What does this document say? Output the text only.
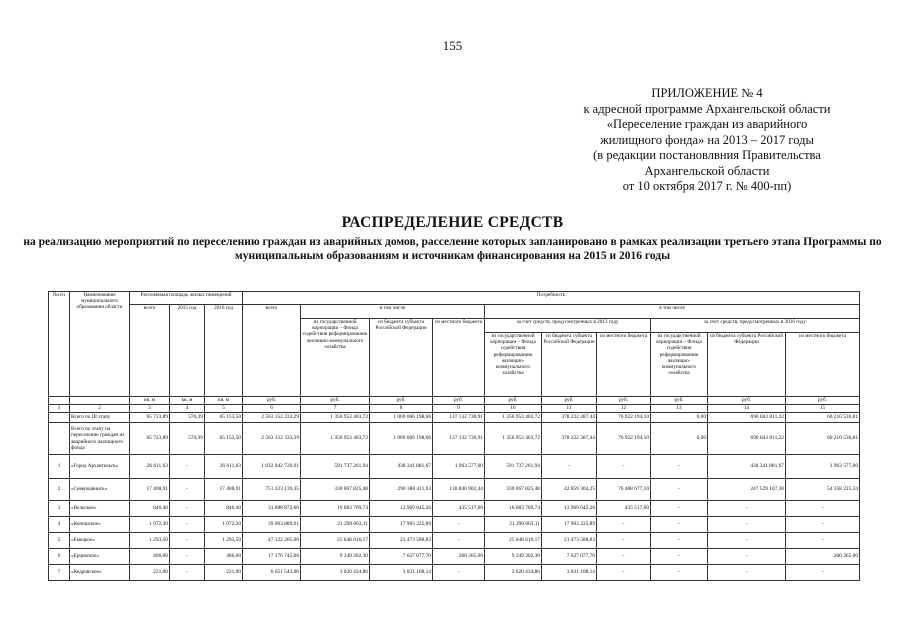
155
ПРИЛОЖЕНИЕ № 4
к адресной программе Архангельской области
«Переселение граждан из аварийного
жилищного фонда» на 2013 – 2017 годы
(в редакции постановлвния Правительства
Архангельской области
от 10 октября 2017 г. № 400-пп)
РАСПРЕДЕЛЕНИЕ СРЕДСТВ
на реализацию мероприятий по переселению граждан из аварийных домов, расселение которых запланировано в рамках реализации третьего этапа Программы по муниципальным образованиям и источникам финансирования на 2015 и 2016 годы
№п/п	Наименование муниципального образования области	Расселяемая площадь жилых помещений			Потребность									
		всего	2015 год	2016 год	всего	в том числе			в том числе					
						из государственной корпорации – Фонда содействия реформированию жилищно-коммунального хозяйства	из бюджета субъекта Российской Федерации	из местного бюджета	за счет средств, предусмотренных в 2013 году			за счет средств, предусмотренных в 2016 году		
									из государственной корпорации – Фонда содействия реформированию жилищно-коммунального хозяйства	из бюджета субъекта Российской Федерации	из местного бюджета	из государственной корпорации – Фонда содействия реформированию жилищно-коммунального хозяйства	из бюджета субъекта Российской Федерации	из местного бюджета

		кв. м	кв. м	кв. м	руб.	руб.	руб.	руб.	руб.	руб.	руб.	руб.	руб.	руб.
1	2	3	4	5	6	7	8	9	10	11	12	13	14	15
	Всего по III этапу	65 723,89	570,39	65 153,50	2 563 152 333,29	1 356 953 403,72	1 069 066 198,66	137 132 730,91	1 356 953 403,72	378 222 387,44	76 922 194,10	0,00	690 843 811,22	60 210 536,81
	Всего по этапу на переселение граждан из аварийного жилищного фонда	65 723,89	570,39	65 153,50	2 563 152 333,29	1 356 953 403,72	1 069 066 198,66	137 132 730,91	1 356 953 403,72	378 222 387,44	76 922 194,10	0,00	690 843 811,22	60 210 536,81
1	«Город Архангельск»	26 611,63	-	26 611,63	1 032 042 720,01	591 737 261,94	438 341 881,67	1 963 577,00	591 737 261,94	-	-	-	438 341 881,67	1 963 577,00
2	«Северодвинск»	17 408,91	-	17 408,91	751 323 139,35	330 067 825,48	290 388 411,63	130 846 902,44	330 067 825,48	42 859 304,25	76 488 677,10	-	247 529 107,38	54 358 225,34
3	«Вельское»	846,40	-	846,40	31 088 872,60	16 683 709,74	13 969 645,26	435 517,00	16 683 709,74	13 969 645,26	435 517,00	-	-	-
4	«Коношское»	1 072,30	-	1 072,30	39 063 889,01	21 290 663,11	17 903 225,89	-	21 290 663,11	17 903 225,89	-	-	-	-
5	«Емецкое»	1 293,50	-	1 293,50	47 122 205,00	25 648 616,17	21 473 588,83	-	25 648 616,17	21 473 588,83	-	-	-	-
6	«Ерцевское»	466,00	-	466,00	17 176 745,06	9 349 302,30	7 627 077,70	200 365,00	9 349 302,30	7 627 077,70	-	-	-	200 365,00
7	«Кедровское»	221,00	-	221,00	6 651 543,00	3 620 434,86	3 031 108,14	-	3 620 434,86	3 031 108,14	-	-	-	-
